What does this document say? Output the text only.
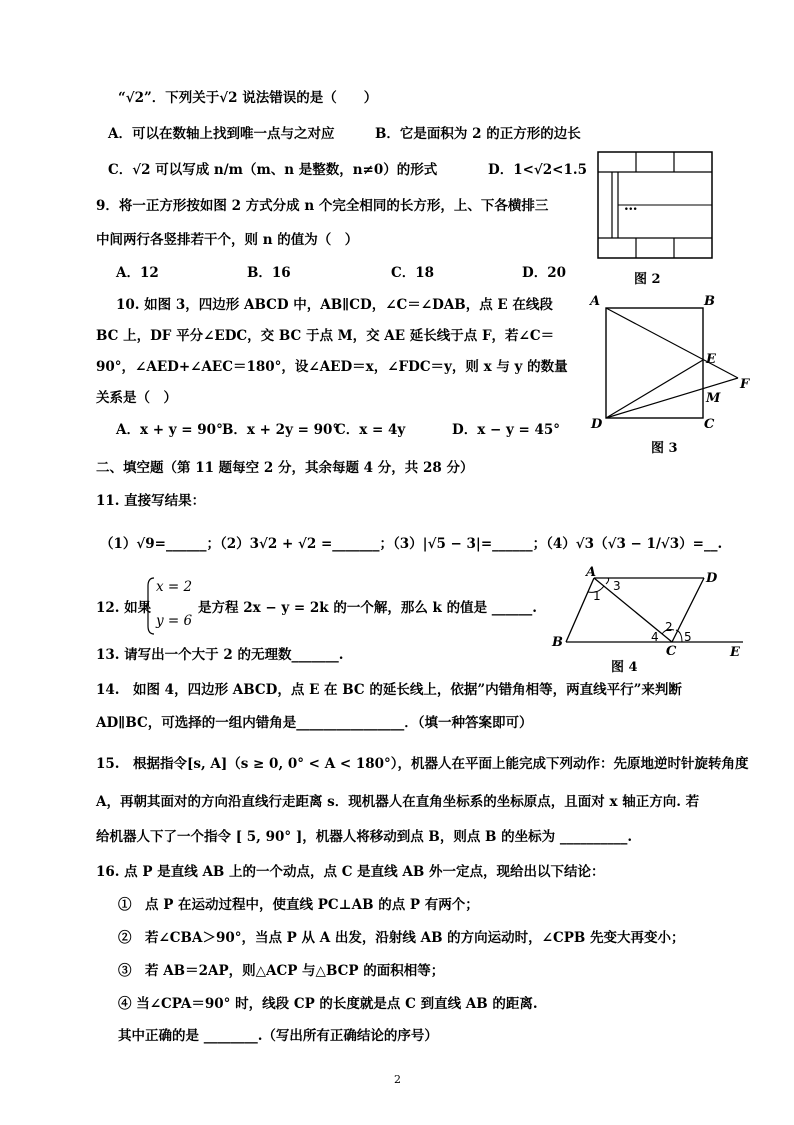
“√2”．下列关于√2 说法错误的是（　　）
A．可以在数轴上找到唯一点与之对应	B．它是面积为 2 的正方形的边长
C．√2 可以写成 n/m（m、n 是整数，n≠0）的形式	D．1<√2<1.5
…
图 2
9．将一正方形按如图 2 方式分成 n 个完全相同的长方形，上、下各横排三
中间两行各竖排若干个，则 n 的值为（　）
A．12	B．16	C．18	D．20
10. 如图 3，四边形 ABCD 中，AB∥CD，∠C＝∠DAB，点 E 在线段
BC 上，DF 平分∠EDC，交 BC 于点 M，交 AE 延长线于点 F，若∠C＝
90°，∠AED+∠AEC＝180°，设∠AED＝x，∠FDC＝y，则 x 与 y 的数量
关系是（　）
A．x + y = 90° B．x + 2y = 90°
C．x = 4y	D．x − y = 45°
A	B
E
F
M
D	C
图 3
二、填空题（第 11 题每空 2 分，其余每题 4 分，共 28 分）
11. 直接写结果：
（1）√9=______；（2）3√2 + √2 =_______；（3）|√5 − 3|=______；（4）√3（√3 − 1/√3）=__.
12. 如果
x = 2
y = 6
是方程 2x − y = 2k 的一个解，那么 k 的值是 ______.
A	D
B
C	E
1
3
2
4 5
图 4
13. 请写出一个大于 2 的无理数_______.
14.　如图 4，四边形 ABCD，点 E 在 BC 的延长线上，依据”内错角相等，两直线平行”来判断
AD∥BC，可选择的一组内错角是________________．（填一种答案即可）
15.　根据指令[s, A]（s ≥ 0, 0° < A < 180°），机器人在平面上能完成下列动作：先原地逆时针旋转角度
A，再朝其面对的方向沿直线行走距离 s．现机器人在直角坐标系的坐标原点，且面对 x 轴正方向. 若
给机器人下了一个指令 [ 5, 90° ]，机器人将移动到点 B，则点 B 的坐标为 __________.
16. 点 P 是直线 AB 上的一个动点，点 C 是直线 AB 外一定点，现给出以下结论：
①　点 P 在运动过程中，使直线 PC⊥AB 的点 P 有两个；
②　若∠CBA＞90°，当点 P 从 A 出发，沿射线 AB 的方向运动时，∠CPB 先变大再变小；
③　若 AB＝2AP，则△ACP 与△BCP 的面积相等；
④ 当∠CPA＝90° 时，线段 CP 的长度就是点 C 到直线 AB 的距离.
其中正确的是 ________.（写出所有正确结论的序号）
2
